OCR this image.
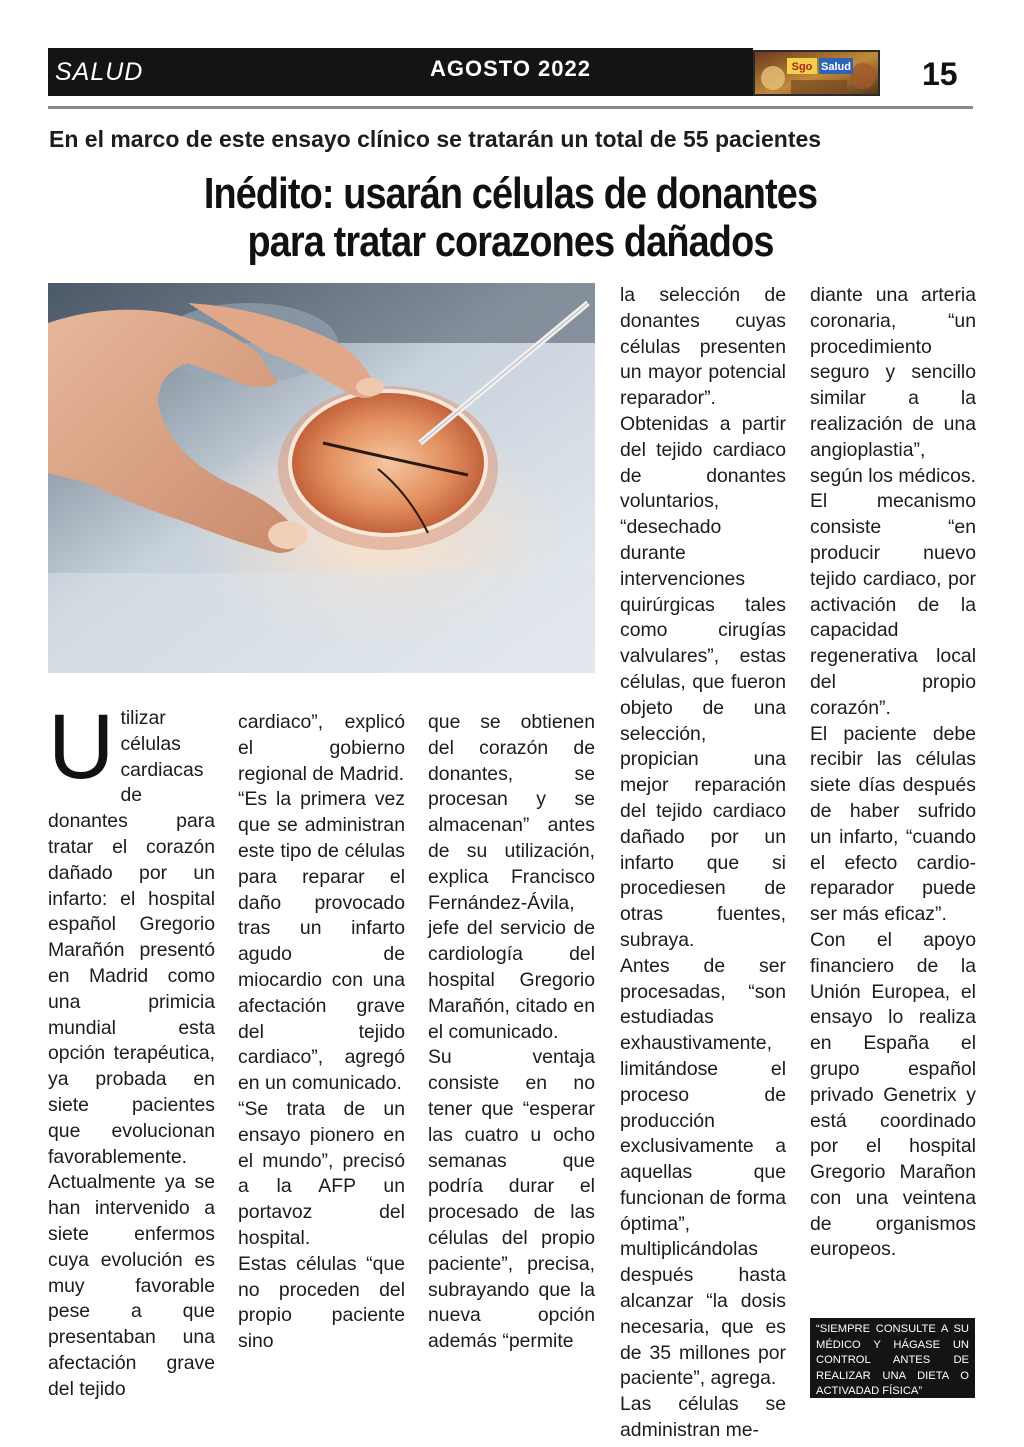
SALUD	AGOSTO 2022	Sgo Salud 15
En el marco de este ensayo clínico se tratarán un total de 55 pacientes
Inédito: usarán células de donantes
para tratar corazones dañados

Utilizar células cardiacas de donantes para tratar el corazón dañado por un infarto: el hospital español Gregorio Marañón presentó en Madrid como una primicia mundial esta opción terapéutica, ya probada en siete pacientes que evolucionan favorablemente. Actualmente ya se han intervenido a siete enfermos cuya evolución es muy favorable pese a que presentaban una afectación grave del tejido

cardiaco”, explicó el gobierno regional de Madrid.

“Es la primera vez que se administran este tipo de células para reparar el daño provocado tras un infarto agudo de miocardio con una afectación grave del tejido cardiaco”, agregó en un comunicado.

“Se trata de un ensayo pionero en el mundo”, precisó a la AFP un portavoz del hospital.

Estas células “que no proceden del propio paciente sino

que se obtienen del corazón de donantes, se procesan y se almacenan” antes de su utilización, explica Francisco Fernández-Ávila, jefe del servicio de cardiología del hospital Gregorio Marañón, citado en el comunicado.

Su ventaja consiste en no tener que “esperar las cuatro u ocho semanas que podría durar el procesado de las células del propio paciente”, precisa, subrayando que la nueva opción además “permite

la selección de donantes cuyas células presenten un mayor potencial reparador”.

Obtenidas a partir del tejido cardiaco de donantes voluntarios, “desechado durante intervenciones quirúrgicas tales como cirugías valvulares”, estas células, que fueron objeto de una selección, propician una mejor reparación del tejido cardiaco dañado por un infarto que si procediesen de otras fuentes, subraya.

Antes de ser procesadas, “son estudiadas exhaustivamente, limitándose el proceso de producción exclusivamente a aquellas que funcionan de forma óptima”, multiplicándolas después hasta alcanzar “la dosis necesaria, que es de 35 millones por paciente”, agrega.

Las células se administran me-

diante una arteria coronaria, “un procedimiento seguro y sencillo similar a la realización de una angioplastia”, según los médicos.

El mecanismo consiste “en producir nuevo tejido cardiaco, por activación de la capacidad regenerativa local del propio corazón”.

El paciente debe recibir las células siete días después de haber sufrido un infarto, “cuando el efecto cardio-reparador puede ser más eficaz”.

Con el apoyo financiero de la Unión Europea, el ensayo lo realiza en España el grupo español privado Genetrix y está coordinado por el hospital Gregorio Marañon con una veintena de organismos europeos.

“SIEMPRE CONSULTE A SU MÉDICO Y HÁGASE UN CONTROL ANTES DE REALIZAR UNA DIETA O ACTIVADAD FÍSICA”
